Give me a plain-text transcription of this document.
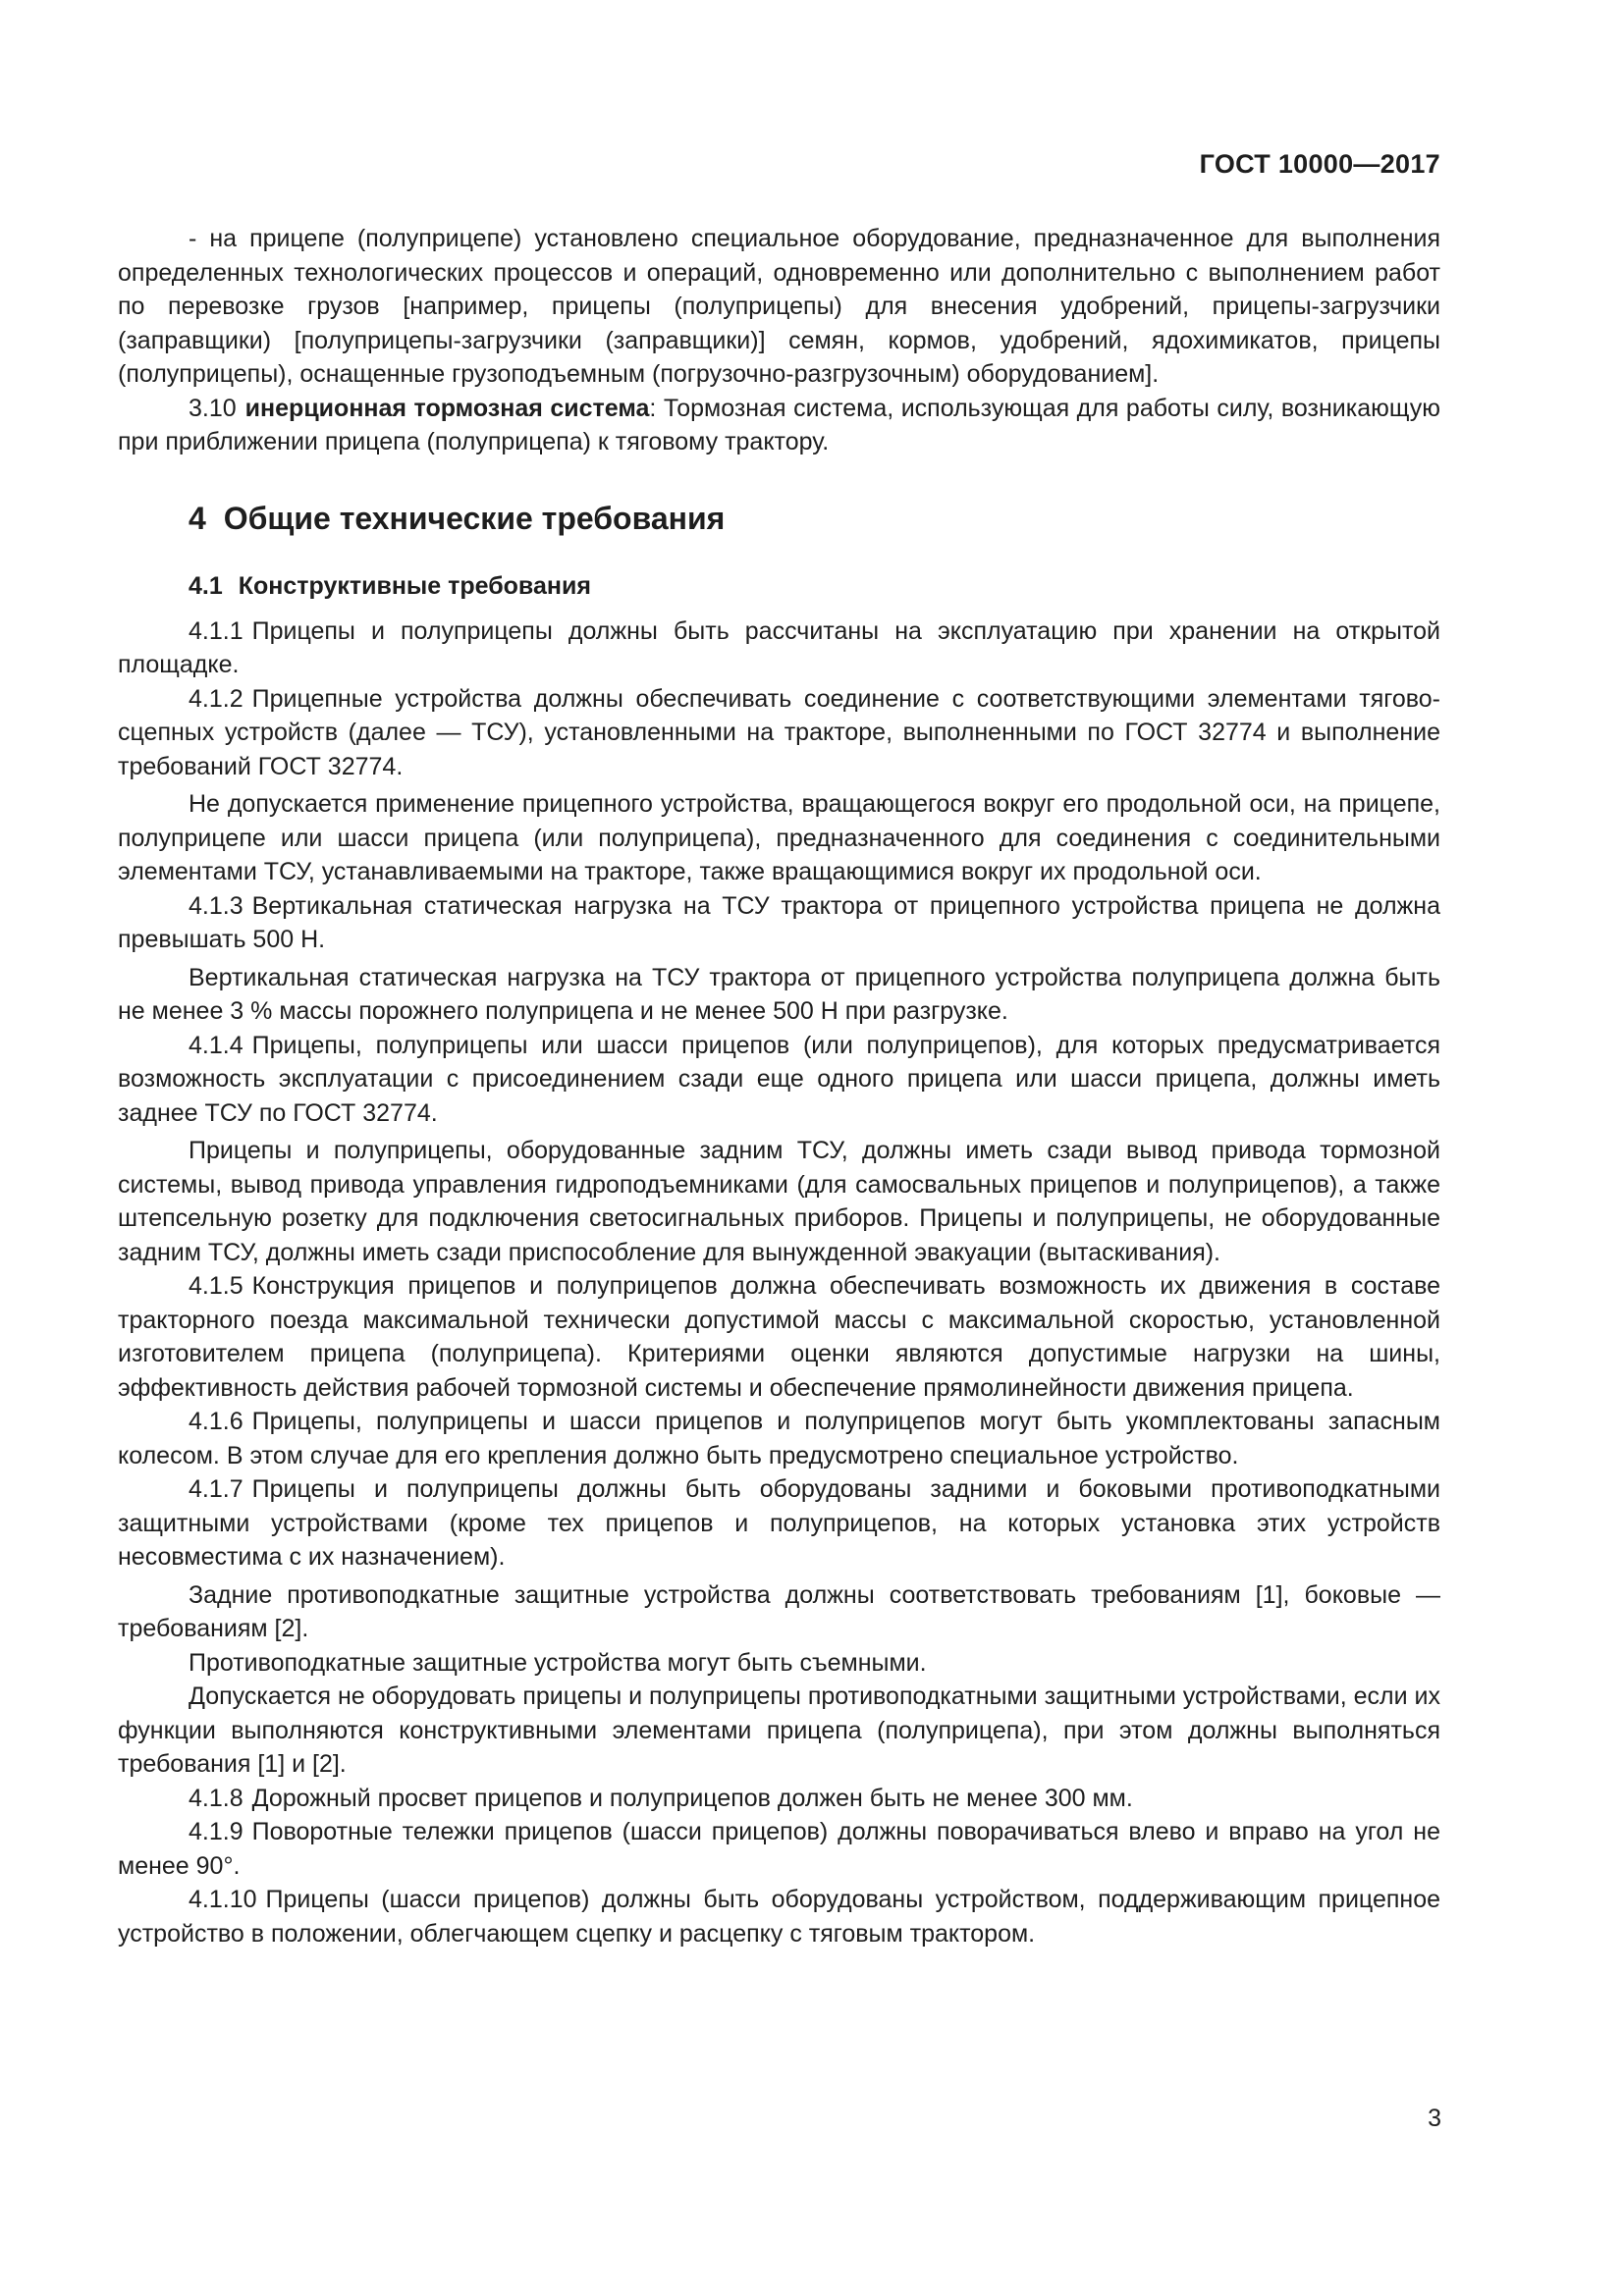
ГОСТ 10000—2017

- на прицепе (полуприцепе) установлено специальное оборудование, предназначенное для выполнения определенных технологических процессов и операций, одновременно или дополнительно с выполнением работ по перевозке грузов [например, прицепы (полуприцепы) для внесения удобрений, прицепы-загрузчики (заправщики) [полуприцепы-загрузчики (заправщики)] семян, кормов, удобрений, ядохимикатов, прицепы (полуприцепы), оснащенные грузоподъемным (погрузочно-разгрузочным) оборудованием].

3.10 инерционная тормозная система: Тормозная система, использующая для работы силу, возникающую при приближении прицепа (полуприцепа) к тяговому трактору.

4 Общие технические требования
4.1 Конструктивные требования

4.1.1 Прицепы и полуприцепы должны быть рассчитаны на эксплуатацию при хранении на открытой площадке.

4.1.2 Прицепные устройства должны обеспечивать соединение с соответствующими элементами тягово-сцепных устройств (далее — ТСУ), установленными на тракторе, выполненными по ГОСТ 32774 и выполнение требований ГОСТ 32774.

Не допускается применение прицепного устройства, вращающегося вокруг его продольной оси, на прицепе, полуприцепе или шасси прицепа (или полуприцепа), предназначенного для соединения с соединительными элементами ТСУ, устанавливаемыми на тракторе, также вращающимися вокруг их продольной оси.

4.1.3 Вертикальная статическая нагрузка на ТСУ трактора от прицепного устройства прицепа не должна превышать 500 Н.

Вертикальная статическая нагрузка на ТСУ трактора от прицепного устройства полуприцепа должна быть не менее 3 % массы порожнего полуприцепа и не менее 500 Н при разгрузке.

4.1.4 Прицепы, полуприцепы или шасси прицепов (или полуприцепов), для которых предусматривается возможность эксплуатации с присоединением сзади еще одного прицепа или шасси прицепа, должны иметь заднее ТСУ по ГОСТ 32774.

Прицепы и полуприцепы, оборудованные задним ТСУ, должны иметь сзади вывод привода тормозной системы, вывод привода управления гидроподъемниками (для самосвальных прицепов и полуприцепов), а также штепсельную розетку для подключения светосигнальных приборов. Прицепы и полуприцепы, не оборудованные задним ТСУ, должны иметь сзади приспособление для вынужденной эвакуации (вытаскивания).

4.1.5 Конструкция прицепов и полуприцепов должна обеспечивать возможность их движения в составе тракторного поезда максимальной технически допустимой массы с максимальной скоростью, установленной изготовителем прицепа (полуприцепа). Критериями оценки являются допустимые нагрузки на шины, эффективность действия рабочей тормозной системы и обеспечение прямолинейности движения прицепа.

4.1.6 Прицепы, полуприцепы и шасси прицепов и полуприцепов могут быть укомплектованы запасным колесом. В этом случае для его крепления должно быть предусмотрено специальное устройство.

4.1.7 Прицепы и полуприцепы должны быть оборудованы задними и боковыми противоподкатными защитными устройствами (кроме тех прицепов и полуприцепов, на которых установка этих устройств несовместима с их назначением).

Задние противоподкатные защитные устройства должны соответствовать требованиям [1], боковые — требованиям [2].

Противоподкатные защитные устройства могут быть съемными.

Допускается не оборудовать прицепы и полуприцепы противоподкатными защитными устройствами, если их функции выполняются конструктивными элементами прицепа (полуприцепа), при этом должны выполняться требования [1] и [2].

4.1.8 Дорожный просвет прицепов и полуприцепов должен быть не менее 300 мм.

4.1.9 Поворотные тележки прицепов (шасси прицепов) должны поворачиваться влево и вправо на угол не менее 90°.

4.1.10 Прицепы (шасси прицепов) должны быть оборудованы устройством, поддерживающим прицепное устройство в положении, облегчающем сцепку и расцепку с тяговым трактором.

3
